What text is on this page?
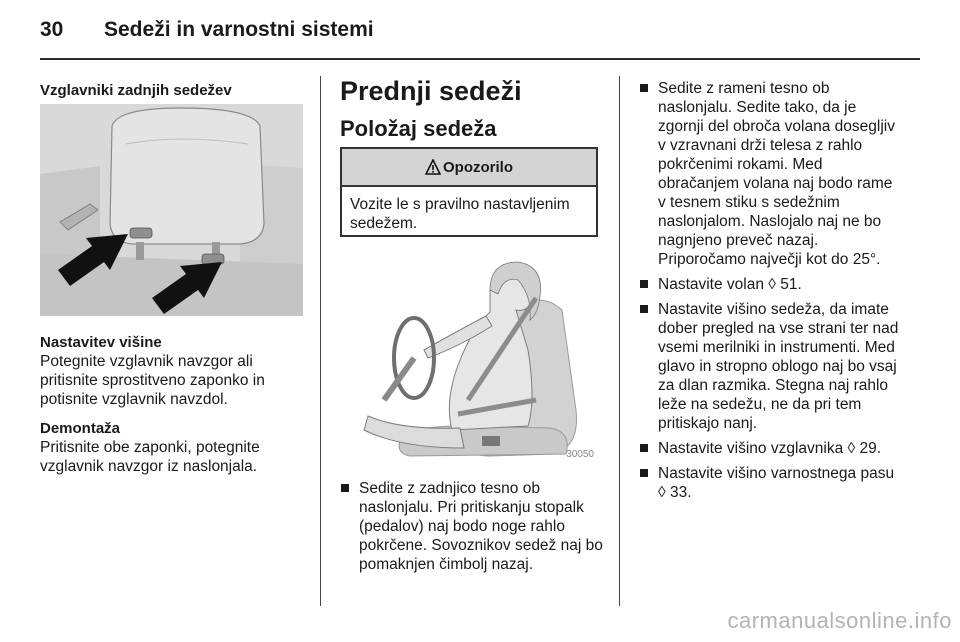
30 Sedeži in varnostni sistemi
Vzglavniki zadnjih sedežev
Nastavitev višine
Potegnite vzglavnik navzgor ali
pritisnite sprostitveno zaponko in
potisnite vzglavnik navzdol.
Demontaža
Pritisnite obe zaponki, potegnite
vzglavnik navzgor iz naslonjala.
Prednji sedeži
Položaj sedeža
Opozorilo
Vozite le s pravilno nastavljenim
sedežem.
30050
Sedite z zadnjico tesno ob
naslonjalu. Pri pritiskanju stopalk
(pedalov) naj bodo noge rahlo
pokrčene. Sovoznikov sedež naj bo
pomaknjen čimbolj nazaj.
Sedite z rameni tesno ob
naslonjalu. Sedite tako, da je
zgornji del obroča volana dosegljiv
v vzravnani drži telesa z rahlo
pokrčenimi rokami. Med
obračanjem volana naj bodo rame
v tesnem stiku s sedežnim
naslonjalom. Naslojalo naj ne bo
nagnjeno preveč nazaj.
Priporočamo največji kot do 25°.
Nastavite volan ◊ 51.
Nastavite višino sedeža, da imate
dober pregled na vse strani ter nad
vsemi merilniki in instrumenti. Med
glavo in stropno oblogo naj bo vsaj
za dlan razmika. Stegna naj rahlo
leže na sedežu, ne da pri tem
pritiskajo nanj.
Nastavite višino vzglavnika ◊ 29.
Nastavite višino varnostnega pasu
◊ 33.
carmanualsonline.info
